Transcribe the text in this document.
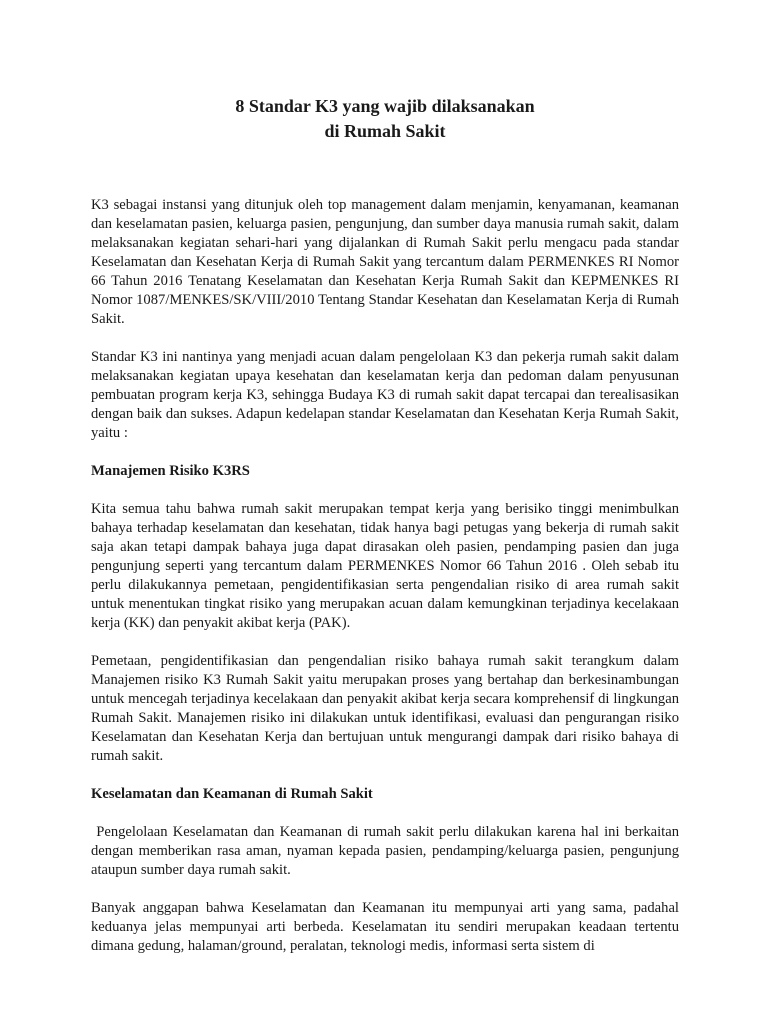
8 Standar K3 yang wajib dilaksanakan
di Rumah Sakit

K3 sebagai instansi yang ditunjuk oleh top management dalam menjamin, kenyamanan, keamanan dan keselamatan pasien, keluarga pasien, pengunjung, dan sumber daya manusia rumah sakit, dalam melaksanakan kegiatan sehari-hari yang dijalankan di Rumah Sakit perlu mengacu pada standar Keselamatan dan Kesehatan Kerja di Rumah Sakit yang tercantum dalam PERMENKES RI Nomor 66 Tahun 2016 Tenatang Keselamatan dan Kesehatan Kerja Rumah Sakit dan KEPMENKES RI Nomor 1087/MENKES/SK/VIII/2010 Tentang Standar Kesehatan dan Keselamatan Kerja di Rumah Sakit.

Standar K3 ini nantinya yang menjadi acuan dalam pengelolaan K3 dan pekerja rumah sakit dalam melaksanakan kegiatan upaya kesehatan dan keselamatan kerja dan pedoman dalam penyusunan pembuatan program kerja K3, sehingga Budaya K3 di rumah sakit dapat tercapai dan terealisasikan dengan baik dan sukses. Adapun kedelapan standar Keselamatan dan Kesehatan Kerja Rumah Sakit, yaitu :

Manajemen Risiko K3RS

Kita semua tahu bahwa rumah sakit merupakan tempat kerja yang berisiko tinggi menimbulkan bahaya terhadap keselamatan dan kesehatan, tidak hanya bagi petugas yang bekerja di rumah sakit saja akan tetapi dampak bahaya juga dapat dirasakan oleh pasien, pendamping pasien dan juga pengunjung seperti yang tercantum dalam PERMENKES Nomor 66 Tahun 2016 . Oleh sebab itu perlu dilakukannya pemetaan, pengidentifikasian serta pengendalian risiko di area rumah sakit untuk menentukan tingkat risiko yang merupakan acuan dalam kemungkinan terjadinya kecelakaan kerja (KK) dan penyakit akibat kerja (PAK).

Pemetaan, pengidentifikasian dan pengendalian risiko bahaya rumah sakit terangkum dalam Manajemen risiko K3 Rumah Sakit yaitu merupakan proses yang bertahap dan berkesinambungan untuk mencegah terjadinya kecelakaan dan penyakit akibat kerja secara komprehensif di lingkungan Rumah Sakit. Manajemen risiko ini dilakukan untuk identifikasi, evaluasi dan pengurangan risiko Keselamatan dan Kesehatan Kerja dan bertujuan untuk mengurangi dampak dari risiko bahaya di rumah sakit.

Keselamatan dan Keamanan di Rumah Sakit

Pengelolaan Keselamatan dan Keamanan di rumah sakit perlu dilakukan karena hal ini berkaitan dengan memberikan rasa aman, nyaman kepada pasien, pendamping/keluarga pasien, pengunjung ataupun sumber daya rumah sakit.

Banyak anggapan bahwa Keselamatan dan Keamanan itu mempunyai arti yang sama, padahal keduanya jelas mempunyai arti berbeda. Keselamatan itu sendiri merupakan keadaan tertentu dimana gedung, halaman/ground, peralatan, teknologi medis, informasi serta sistem di
